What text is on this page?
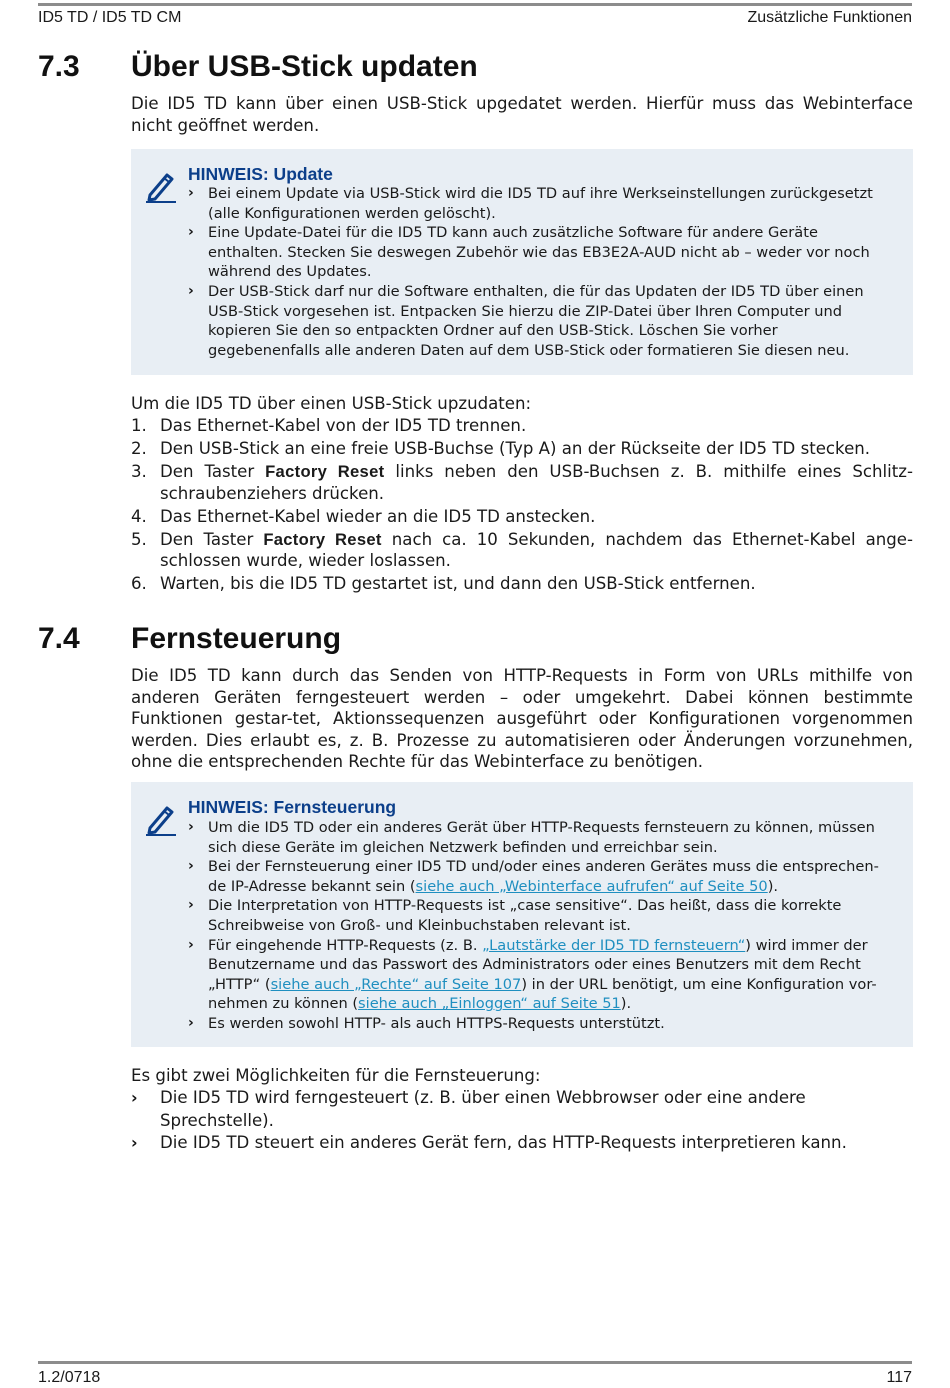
ID5 TD / ID5 TD CM	Zusätzliche Funktionen
7.3 Über USB-Stick updaten

Die ID5 TD kann über einen USB-Stick upgedatet werden. Hierfür muss das Webinterface nicht geöffnet werden.

HINWEIS: Update
› Bei einem Update via USB-Stick wird die ID5 TD auf ihre Werkseinstellungen zurückgesetzt (alle Konfigurationen werden gelöscht).
› Eine Update-Datei für die ID5 TD kann auch zusätzliche Software für andere Geräte enthalten. Stecken Sie deswegen Zubehör wie das EB3E2A-AUD nicht ab – weder vor noch während des Updates.
› Der USB-Stick darf nur die Software enthalten, die für das Updaten der ID5 TD über einen USB-Stick vorgesehen ist. Entpacken Sie hierzu die ZIP-Datei über Ihren Computer und kopieren Sie den so entpackten Ordner auf den USB-Stick. Löschen Sie vorher gegebenenfalls alle anderen Daten auf dem USB-Stick oder formatieren Sie diesen neu.

Um die ID5 TD über einen USB-Stick upzudaten:

1. Das Ethernet-Kabel von der ID5 TD trennen.
2. Den USB-Stick an eine freie USB-Buchse (Typ A) an der Rückseite der ID5 TD stecken.
3. Den Taster Factory Reset links neben den USB-Buchsen z. B. mithilfe eines Schlitz-schraubenziehers drücken.
4. Das Ethernet-Kabel wieder an die ID5 TD anstecken.
5. Den Taster Factory Reset nach ca. 10 Sekunden, nachdem das Ethernet-Kabel ange-schlossen wurde, wieder loslassen.
6. Warten, bis die ID5 TD gestartet ist, und dann den USB-Stick entfernen.
7.4 Fernsteuerung

Die ID5 TD kann durch das Senden von HTTP-Requests in Form von URLs mithilfe von anderen Geräten ferngesteuert werden – oder umgekehrt. Dabei können bestimmte Funktionen gestar-tet, Aktionssequenzen ausgeführt oder Konfigurationen vorgenommen werden. Dies erlaubt es, z. B. Prozesse zu automatisieren oder Änderungen vorzunehmen, ohne die entsprechenden Rechte für das Webinterface zu benötigen.

HINWEIS: Fernsteuerung
› Um die ID5 TD oder ein anderes Gerät über HTTP-Requests fernsteuern zu können, müssen sich diese Geräte im gleichen Netzwerk befinden und erreichbar sein.
› Bei der Fernsteuerung einer ID5 TD und/oder eines anderen Gerätes muss die entsprechen-de IP-Adresse bekannt sein (siehe auch „Webinterface aufrufen“ auf Seite 50).
› Die Interpretation von HTTP-Requests ist „case sensitive“. Das heißt, dass die korrekte Schreibweise von Groß- und Kleinbuchstaben relevant ist.
› Für eingehende HTTP-Requests (z. B. „Lautstärke der ID5 TD fernsteuern“) wird immer der Benutzername und das Passwort des Administrators oder eines Benutzers mit dem Recht „HTTP“ (siehe auch „Rechte“ auf Seite 107) in der URL benötigt, um eine Konfiguration vor-nehmen zu können (siehe auch „Einloggen“ auf Seite 51).
› Es werden sowohl HTTP- als auch HTTPS-Requests unterstützt.

Es gibt zwei Möglichkeiten für die Fernsteuerung:

› Die ID5 TD wird ferngesteuert (z. B. über einen Webbrowser oder eine andere Sprechstelle).
› Die ID5 TD steuert ein anderes Gerät fern, das HTTP-Requests interpretieren kann.
1.2/0718	117
